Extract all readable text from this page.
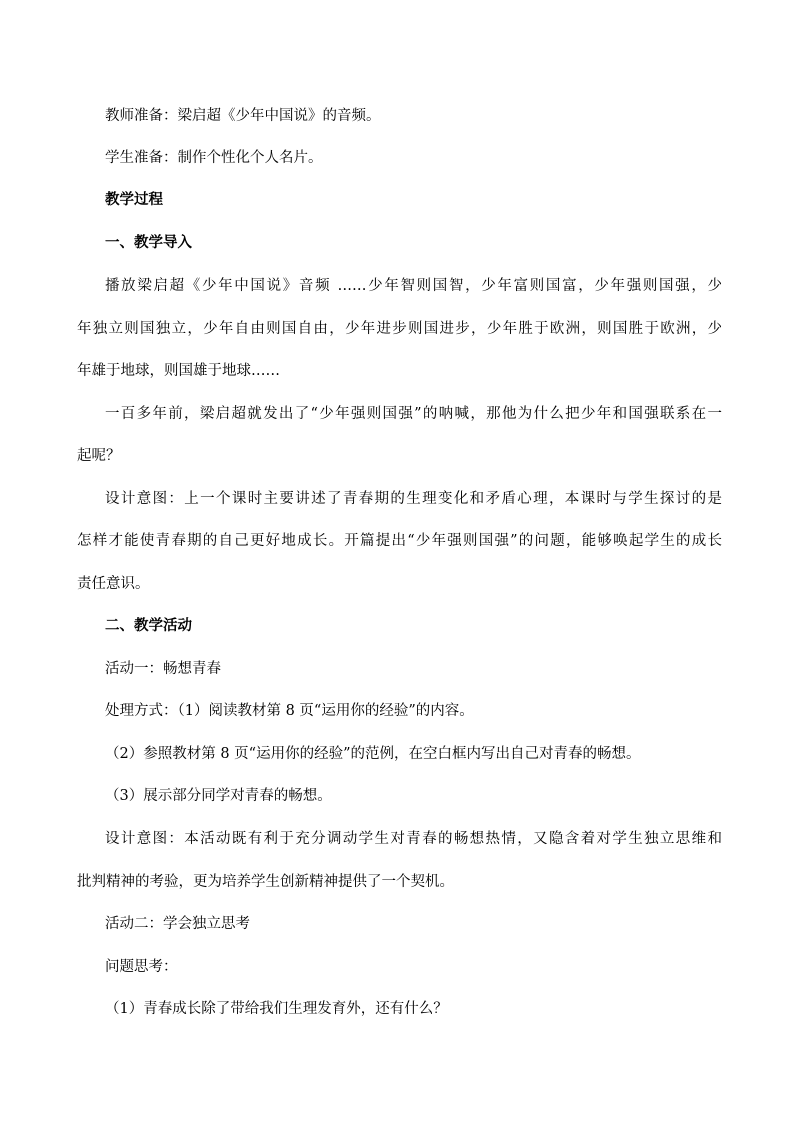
教师准备：梁启超《少年中国说》的音频。
学生准备：制作个性化个人名片。
教学过程
一、教学导入
播放梁启超《少年中国说》音频 ……少年智则国智，少年富则国富，少年强则国强，少
年独立则国独立，少年自由则国自由，少年进步则国进步，少年胜于欧洲，则国胜于欧洲，少
年雄于地球，则国雄于地球……
一百多年前，梁启超就发出了“少年强则国强”的呐喊，那他为什么把少年和国强联系在一
起呢？
设计意图：上一个课时主要讲述了青春期的生理变化和矛盾心理，本课时与学生探讨的是
怎样才能使青春期的自己更好地成长。开篇提出“少年强则国强”的问题，能够唤起学生的成长
责任意识。
二、教学活动
活动一：畅想青春
处理方式：（1）阅读教材第 8 页“运用你的经验”的内容。
（2）参照教材第 8 页“运用你的经验”的范例，在空白框内写出自己对青春的畅想。
（3）展示部分同学对青春的畅想。
设计意图：本活动既有利于充分调动学生对青春的畅想热情，又隐含着对学生独立思维和
批判精神的考验，更为培养学生创新精神提供了一个契机。
活动二：学会独立思考
问题思考：
（1）青春成长除了带给我们生理发育外，还有什么？
